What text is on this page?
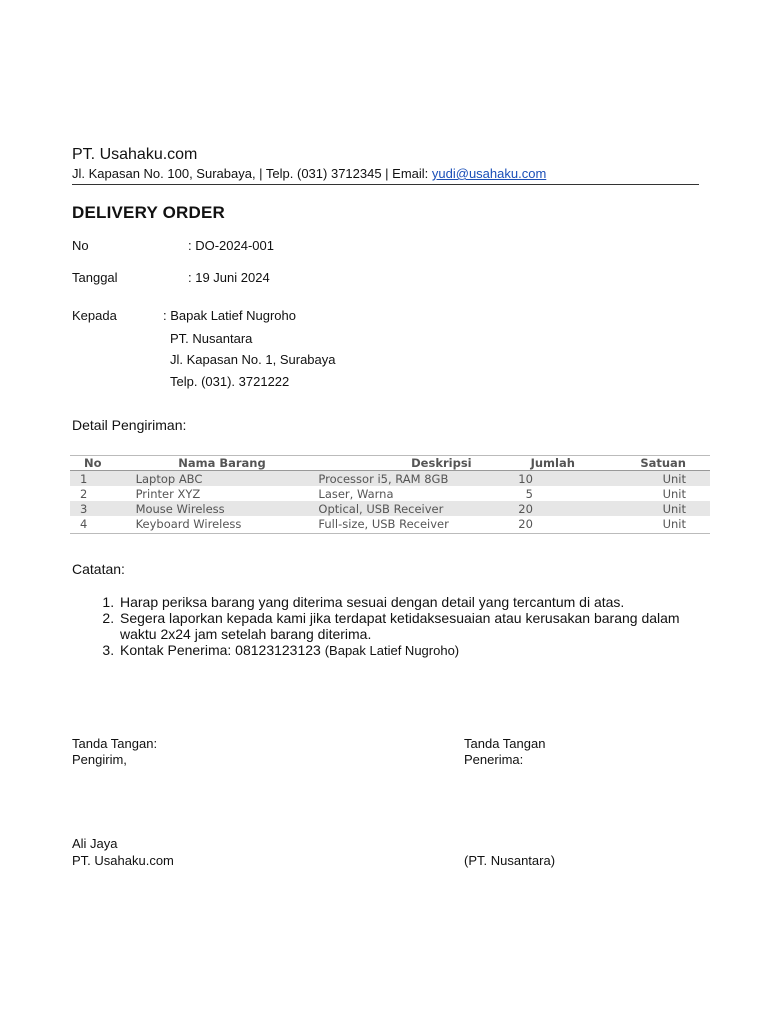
PT. Usahaku.com
Jl. Kapasan No. 100, Surabaya, | Telp. (031) 3712345 | Email: yudi@usahaku.com
DELIVERY ORDER
No	: DO-2024-001
Tanggal	: 19 Juni 2024
Kepada	: Bapak Latief Nugroho
PT. Nusantara
Jl. Kapasan No. 1, Surabaya
Telp. (031). 3721222
Detail Pengiriman:
No	Nama Barang	Deskripsi	Jumlah	Satuan
1	Laptop ABC	Processor i5, RAM 8GB	10	Unit
2	Printer XYZ	Laser, Warna	5	Unit
3	Mouse Wireless	Optical, USB Receiver	20	Unit
4	Keyboard Wireless	Full-size, USB Receiver	20	Unit
Catatan:
1. Harap periksa barang yang diterima sesuai dengan detail yang tercantum di atas.
2. Segera laporkan kepada kami jika terdapat ketidaksesuaian atau kerusakan barang dalam waktu 2x24 jam setelah barang diterima.
3. Kontak Penerima: 08123123123 (Bapak Latief Nugroho)
Tanda Tangan:
Pengirim,
Tanda Tangan
Penerima:
Ali Jaya
PT. Usahaku.com	(PT. Nusantara)
